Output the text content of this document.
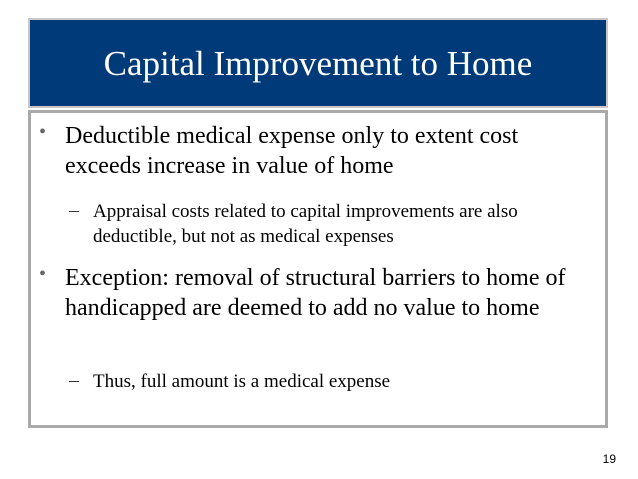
Capital Improvement to Home
• Deductible medical expense only to extent cost exceeds increase in value of home
– Appraisal costs related to capital improvements are also deductible, but not as medical expenses
• Exception: removal of structural barriers to home of handicapped are deemed to add no value to home
– Thus, full amount is a medical expense
19
